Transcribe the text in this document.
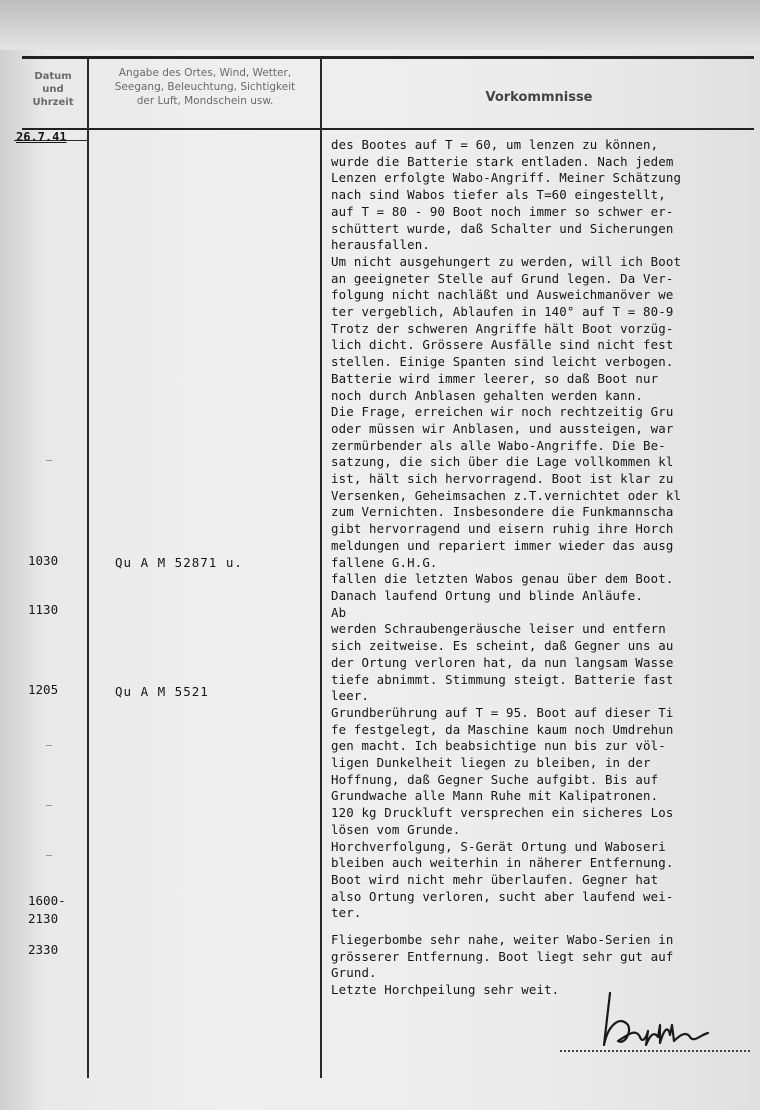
Datum
und
Uhrzeit
Angabe des Ortes, Wind, Wetter,
Seegang, Beleuchtung, Sichtigkeit
der Luft, Mondschein usw.	Vorkommnisse
26.7.41
1030
1130
1205
1600-
2130
2330
Qu A M 52871 u.
Qu A M 5521
des Bootes auf T = 60, um lenzen zu können,
wurde die Batterie stark entladen. Nach jedem
Lenzen erfolgte Wabo-Angriff. Meiner Schätzung
nach sind Wabos tiefer als T=60 eingestellt,
auf T = 80 - 90 Boot noch immer so schwer er-
schüttert wurde, daß Schalter und Sicherungen
herausfallen.
Um nicht ausgehungert zu werden, will ich Boot
an geeigneter Stelle auf Grund legen. Da Ver-
folgung nicht nachläßt und Ausweichmanöver we
ter vergeblich, Ablaufen in 140° auf T = 80-9
Trotz der schweren Angriffe hält Boot vorzüg-
lich dicht. Grössere Ausfälle sind nicht fest
stellen. Einige Spanten sind leicht verbogen.
Batterie wird immer leerer, so daß Boot nur
noch durch Anblasen gehalten werden kann.
Die Frage, erreichen wir noch rechtzeitig Gru
oder müssen wir Anblasen, und aussteigen, war
zermürbender als alle Wabo-Angriffe. Die Be-
satzung, die sich über die Lage vollkommen kl
ist, hält sich hervorragend. Boot ist klar zu
Versenken, Geheimsachen z.T.vernichtet oder kl
zum Vernichten. Insbesondere die Funkmannscha
gibt hervorragend und eisern ruhig ihre Horch
meldungen und repariert immer wieder das ausg
fallene G.H.G.
fallen die letzten Wabos genau über dem Boot.
Danach laufend Ortung und blinde Anläufe.
Ab
werden Schraubengeräusche leiser und entfern
sich zeitweise. Es scheint, daß Gegner uns au
der Ortung verloren hat, da nun langsam Wasse
tiefe abnimmt. Stimmung steigt. Batterie fast
leer.
Grundberührung auf T = 95. Boot auf dieser Ti
fe festgelegt, da Maschine kaum noch Umdrehun
gen macht. Ich beabsichtige nun bis zur völ-
ligen Dunkelheit liegen zu bleiben, in der
Hoffnung, daß Gegner Suche aufgibt. Bis auf
Grundwache alle Mann Ruhe mit Kalipatronen.
120 kg Druckluft versprechen ein sicheres Los
lösen vom Grunde.
Horchverfolgung, S-Gerät Ortung und Waboseri
bleiben auch weiterhin in näherer Entfernung.
Boot wird nicht mehr überlaufen. Gegner hat
also Ortung verloren, sucht aber laufend wei-
ter.
Fliegerbombe sehr nahe, weiter Wabo-Serien in
grösserer Entfernung. Boot liegt sehr gut auf
Grund.
Letzte Horchpeilung sehr weit.
